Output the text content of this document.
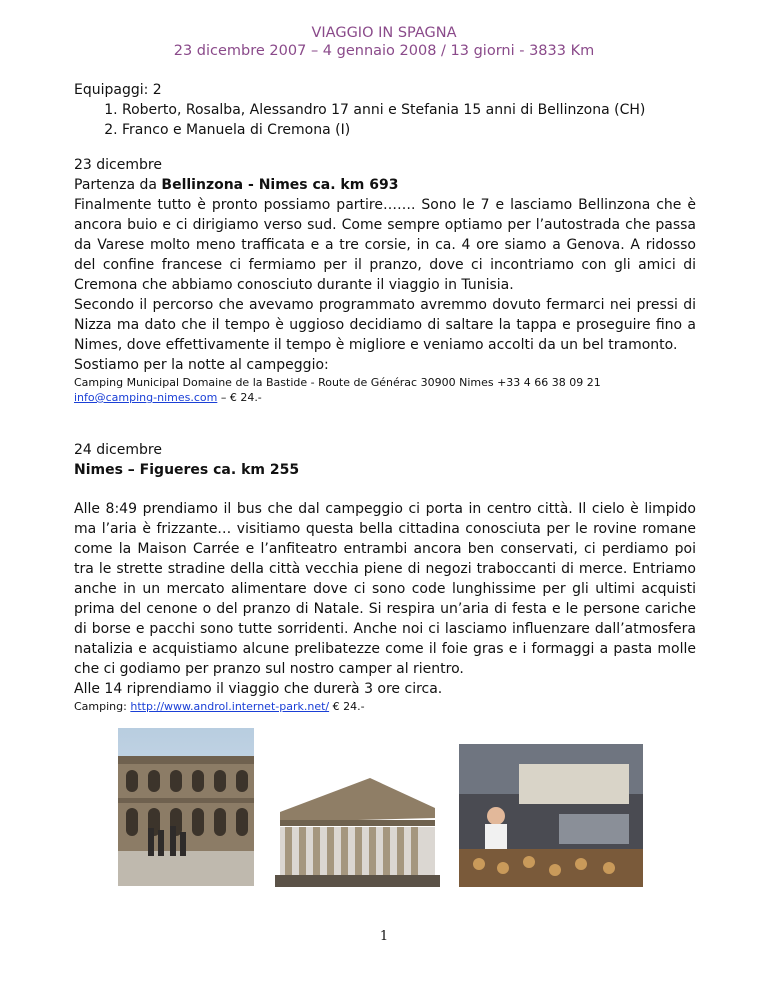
VIAGGIO IN SPAGNA
23 dicembre 2007 – 4 gennaio 2008 / 13 giorni - 3833 Km
Equipaggi: 2
1. Roberto, Rosalba, Alessandro 17 anni e Stefania 15 anni di Bellinzona (CH)
2. Franco e Manuela di Cremona (I)
23 dicembre
Partenza da Bellinzona - Nimes ca. km 693
Finalmente tutto è pronto possiamo partire……. Sono le 7 e lasciamo Bellinzona che è ancora buio e ci dirigiamo verso sud. Come sempre optiamo per l’autostrada che passa da Varese molto meno trafficata e a tre corsie, in ca. 4 ore siamo a Genova. A ridosso del confine francese ci fermiamo per il pranzo, dove ci incontriamo con gli amici di Cremona che abbiamo conosciuto durante il viaggio in Tunisia.
Secondo il percorso che avevamo programmato avremmo dovuto fermarci nei pressi di Nizza ma dato che il tempo è uggioso decidiamo di saltare la tappa e proseguire fino a Nimes, dove effettivamente il tempo è migliore e veniamo accolti da un bel tramonto.
Sostiamo per la notte al campeggio:
Camping Municipal Domaine de la Bastide - Route de Générac 30900 Nimes +33 4 66 38 09 21
info@camping-nimes.com – € 24.-
24 dicembre
Nimes – Figueres ca. km 255
Alle 8:49 prendiamo il bus che dal campeggio ci porta in centro città. Il cielo è limpido ma l’aria è frizzante… visitiamo questa bella cittadina conosciuta per le rovine romane come la Maison Carrée e l’anfiteatro entrambi ancora ben conservati, ci perdiamo poi tra le strette stradine della città vecchia piene di negozi traboccanti di merce. Entriamo anche in un mercato alimentare dove ci sono code lunghissime per gli ultimi acquisti prima del cenone o del pranzo di Natale. Si respira un’aria di festa e le persone cariche di borse e pacchi sono tutte sorridenti. Anche noi ci lasciamo influenzare dall’atmosfera natalizia e acquistiamo alcune prelibatezze come il foie gras e i formaggi a pasta molle che ci godiamo per pranzo sul nostro camper al rientro.
Alle 14 riprendiamo il viaggio che durerà 3 ore circa.
Camping: http://www.androl.internet-park.net/ € 24.-
1
